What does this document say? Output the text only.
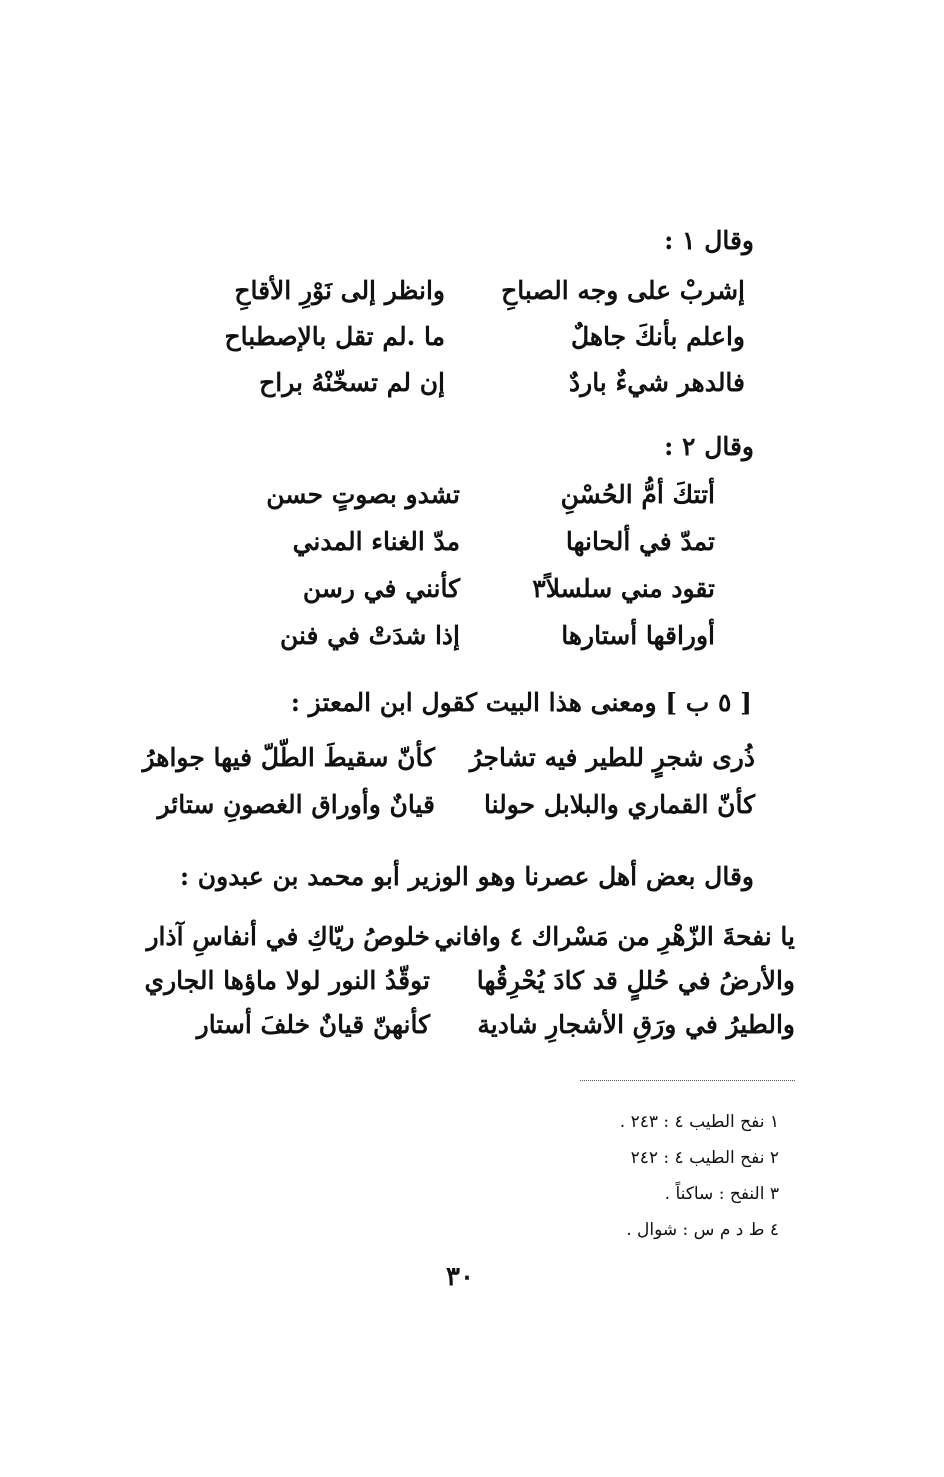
وقال ١ :
إشربْ على وجه الصباحِ
وانظر إلى نَوْرِ الأقاحِ
واعلم بأنكَ جاهلٌ
ما .لم تقل بالإصطباح
فالدهر شيءٌ باردٌ
إن لم تسخّنْهُ براح
وقال ٢ :
أتتكَ أمُّ الحُسْنِ
تشدو بصوتٍ حسن
تمدّ في ألحانها
مدّ الغناء المدني
تقود مني سلسلاً٣
كأنني في رسن
أوراقها أستارها
إذا شدَتْ في فنن
[ ٥ ب ] ومعنى هذا البيت كقول ابن المعتز :
ذُرى شجرٍ للطير فيه تشاجرُ
كأنّ سقيطَ الطّلّ فيها جواهرُ
كأنّ القماري والبلابل حولنا
قيانٌ وأوراق الغصونِ ستائر
وقال بعض أهل عصرنا وهو الوزير أبو محمد بن عبدون :
يا نفحةَ الزّهْرِ من مَسْراك ٤ وافاني
خلوصُ ريّاكِ في أنفاسِ آذار
والأرضُ في حُللٍ قد كادَ يُحْرِقُها
توقّدُ النور لولا ماؤها الجاري
والطيرُ في ورَقِ الأشجارِ شادية
كأنهنّ قيانٌ خلفَ أستار
١ نفح الطيب ٤ : ٢٤٣ .
٢ نفح الطيب ٤ : ٢٤٢
٣ النفح : ساكناً .
٤ ط د م س : شوال .
٣٠
